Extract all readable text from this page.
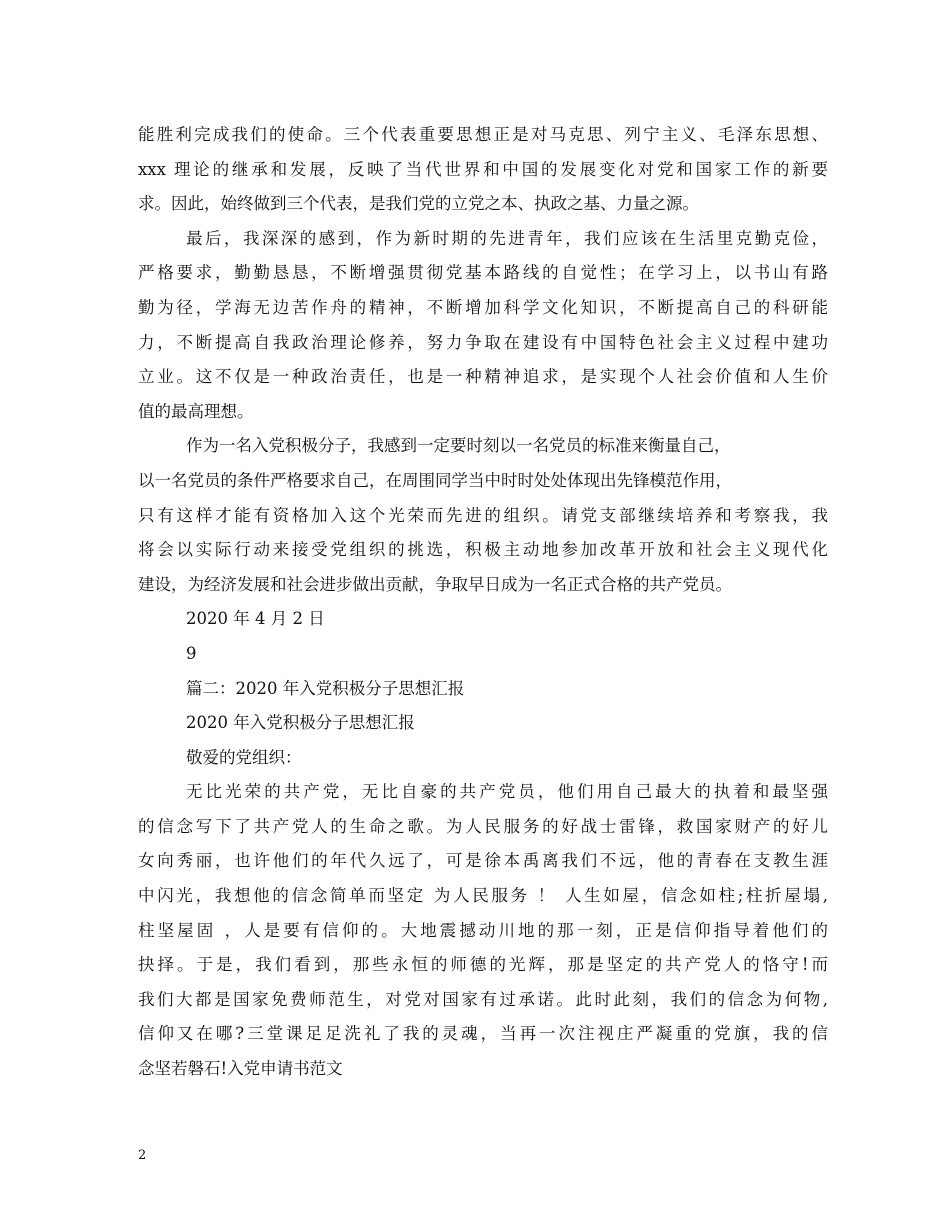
能胜利完成我们的使命。三个代表重要思想正是对马克思、列宁主义、毛泽东思想、
xxx 理论的继承和发展，反映了当代世界和中国的发展变化对党和国家工作的新要
求。因此，始终做到三个代表，是我们党的立党之本、执政之基、力量之源。
最后，我深深的感到，作为新时期的先进青年，我们应该在生活里克勤克俭，
严格要求，勤勤恳恳，不断增强贯彻党基本路线的自觉性；在学习上，以书山有路
勤为径，学海无边苦作舟的精神，不断增加科学文化知识，不断提高自己的科研能
力，不断提高自我政治理论修养，努力争取在建设有中国特色社会主义过程中建功
立业。这不仅是一种政治责任，也是一种精神追求，是实现个人社会价值和人生价
值的最高理想。
作为一名入党积极分子，我感到一定要时刻以一名党员的标准来衡量自己，
以一名党员的条件严格要求自己，在周围同学当中时时处处体现出先锋模范作用，
只有这样才能有资格加入这个光荣而先进的组织。请党支部继续培养和考察我，我
将会以实际行动来接受党组织的挑选，积极主动地参加改革开放和社会主义现代化
建设，为经济发展和社会进步做出贡献，争取早日成为一名正式合格的共产党员。
2020 年 4 月 2 日
9
篇二：2020 年入党积极分子思想汇报
2020 年入党积极分子思想汇报
敬爱的党组织：
无比光荣的共产党，无比自豪的共产党员，他们用自己最大的执着和最坚强
的信念写下了共产党人的生命之歌。为人民服务的好战士雷锋，救国家财产的好儿
女向秀丽，也许他们的年代久远了，可是徐本禹离我们不远，他的青春在支教生涯
中闪光，我想他的信念简单而坚定 为人民服务 ！ 人生如屋，信念如柱;柱折屋塌,
柱坚屋固 ，人是要有信仰的。大地震撼动川地的那一刻，正是信仰指导着他们的
抉择。于是，我们看到，那些永恒的师德的光辉，那是坚定的共产党人的恪守!而
我们大都是国家免费师范生，对党对国家有过承诺。此时此刻，我们的信念为何物,
信仰又在哪?三堂课足足洗礼了我的灵魂，当再一次注视庄严凝重的党旗，我的信
念坚若磐石!入党申请书范文
2
